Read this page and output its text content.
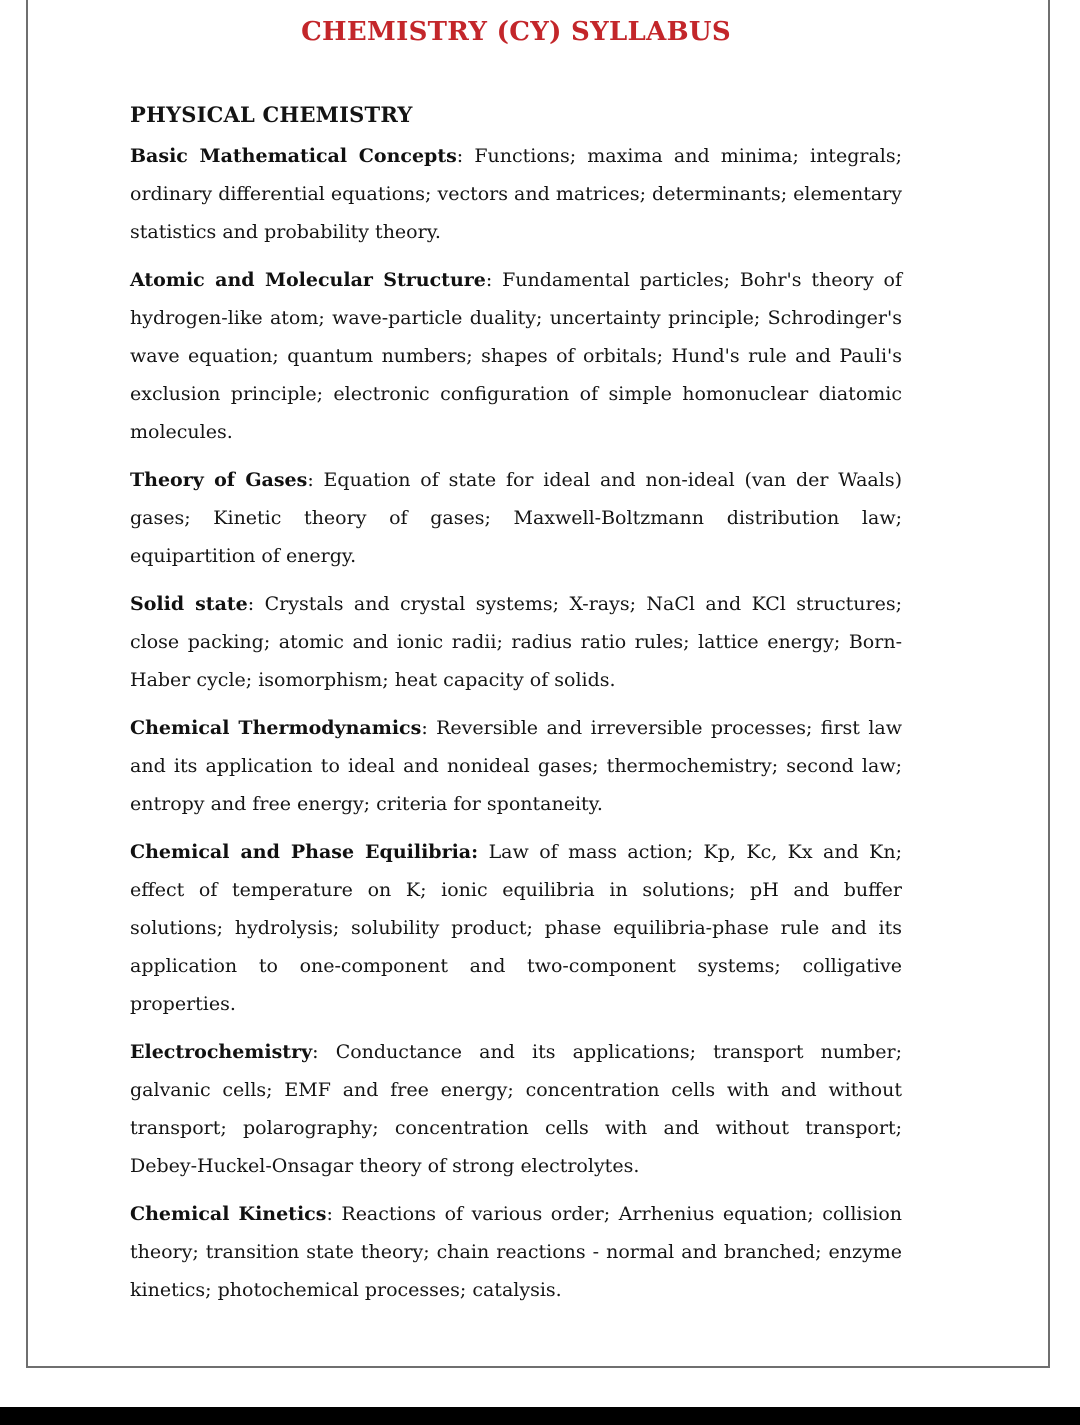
CHEMISTRY (CY) SYLLABUS
PHYSICAL CHEMISTRY

Basic Mathematical Concepts: Functions; maxima and minima; integrals; ordinary differential equations; vectors and matrices; determinants; elementary statistics and probability theory.

Atomic and Molecular Structure: Fundamental particles; Bohr's theory of hydrogen-like atom; wave-particle duality; uncertainty principle; Schrodinger's wave equation; quantum numbers; shapes of orbitals; Hund's rule and Pauli's exclusion principle; electronic configuration of simple homonuclear diatomic molecules.

Theory of Gases: Equation of state for ideal and non-ideal (van der Waals) gases; Kinetic theory of gases; Maxwell-Boltzmann distribution law; equipartition of energy.

Solid state: Crystals and crystal systems; X-rays; NaCl and KCl structures; close packing; atomic and ionic radii; radius ratio rules; lattice energy; Born-Haber cycle; isomorphism; heat capacity of solids.

Chemical Thermodynamics: Reversible and irreversible processes; first law and its application to ideal and nonideal gases; thermochemistry; second law; entropy and free energy; criteria for spontaneity.

Chemical and Phase Equilibria: Law of mass action; Kp, Kc, Kx and Kn; effect of temperature on K; ionic equilibria in solutions; pH and buffer solutions; hydrolysis; solubility product; phase equilibria-phase rule and its application to one-component and two-component systems; colligative properties.

Electrochemistry: Conductance and its applications; transport number; galvanic cells; EMF and free energy; concentration cells with and without transport; polarography; concentration cells with and without transport; Debey-Huckel-Onsagar theory of strong electrolytes.

Chemical Kinetics: Reactions of various order; Arrhenius equation; collision theory; transition state theory; chain reactions - normal and branched; enzyme kinetics; photochemical processes; catalysis.
